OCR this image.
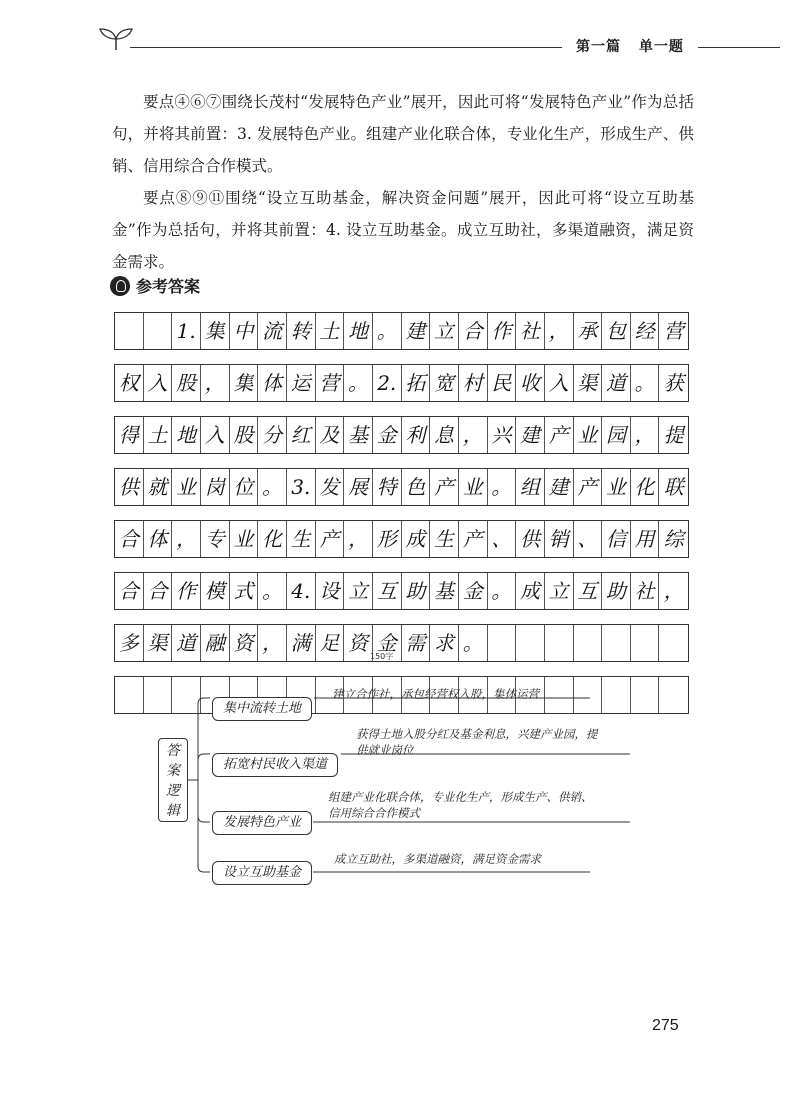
第一篇 单一题
要点④⑥⑦围绕长茂村“发展特色产业”展开，因此可将“发展特色产业”作为总括句，并将其前置：3. 发展特色产业。组建产业化联合体，专业化生产，形成生产、供销、信用综合合作模式。
要点⑧⑨⑪围绕“设立互助基金，解决资金问题”展开，因此可将“设立互助基金”作为总括句，并将其前置：4. 设立互助基金。成立互助社，多渠道融资，满足资金需求。
参考答案
1. 集 中 流 转 土 地 。 建 立 合 作 社 ， 承 包 经 营
权 入 股 ， 集 体 运 营 。 2. 拓 宽 村 民 收 入 渠 道 。 获
得 土 地 入 股 分 红 及 基 金 利 息 ， 兴 建 产 业 园 ， 提
供 就 业 岗 位 。 3. 发 展 特 色 产 业 。 组 建 产 业 化 联
合 体 ， 专 业 化 生 产 ， 形 成 生 产 、 供 销 、 信 用 综
合 合 作 模 式 。 4. 设 立 互 助 基 金 。 成 立 互 助 社 ，
多 渠 道 融 资 ， 满 足 资 金 需 求 。
150字
答
案
逻
辑
集中流转土地
建立合作社，承包经营权入股，集体运营
拓宽村民收入渠道
获得土地入股分红及基金利息，兴建产业园，提
供就业岗位
发展特色产业
组建产业化联合体，专业化生产，形成生产、供销、
信用综合合作模式
设立互助基金
成立互助社，多渠道融资，满足资金需求
275
